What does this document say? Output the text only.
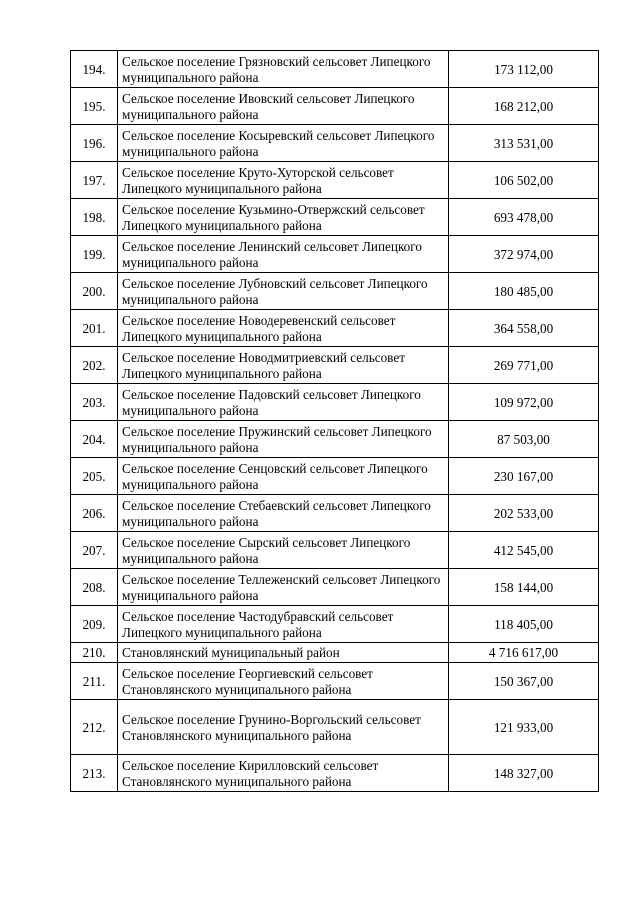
194.	Сельское поселение Грязновский сельсовет Липецкого муниципального района	173 112,00
195.	Сельское поселение Ивовский сельсовет Липецкого муниципального района	168 212,00
196.	Сельское поселение Косыревский сельсовет Липецкого муниципального района	313 531,00
197.	Сельское поселение Круто-Хуторской сельсовет Липецкого муниципального района	106 502,00
198.	Сельское поселение Кузьмино-Отвержский сельсовет Липецкого муниципального района	693 478,00
199.	Сельское поселение Ленинский сельсовет Липецкого муниципального района	372 974,00
200.	Сельское поселение Лубновский сельсовет Липецкого муниципального района	180 485,00
201.	Сельское поселение Новодеревенский сельсовет Липецкого муниципального района	364 558,00
202.	Сельское поселение Новодмитриевский сельсовет Липецкого муниципального района	269 771,00
203.	Сельское поселение Падовский сельсовет Липецкого муниципального района	109 972,00
204.	Сельское поселение Пружинский сельсовет Липецкого муниципального района	87 503,00
205.	Сельское поселение Сенцовский сельсовет Липецкого муниципального района	230 167,00
206.	Сельское поселение Стебаевский сельсовет Липецкого муниципального района	202 533,00
207.	Сельское поселение Сырский сельсовет Липецкого муниципального района	412 545,00
208.	Сельское поселение Теллеженский сельсовет Липецкого муниципального района	158 144,00
209.	Сельское поселение Частодубравский сельсовет Липецкого муниципального района	118 405,00
210.	Становлянский муниципальный район	4 716 617,00
211.	Сельское поселение Георгиевский сельсовет Становлянского муниципального района	150 367,00
212.	Сельское поселение Грунино-Воргольский сельсовет Становлянского муниципального района	121 933,00
213.	Сельское поселение Кирилловский сельсовет Становлянского муниципального района	148 327,00
